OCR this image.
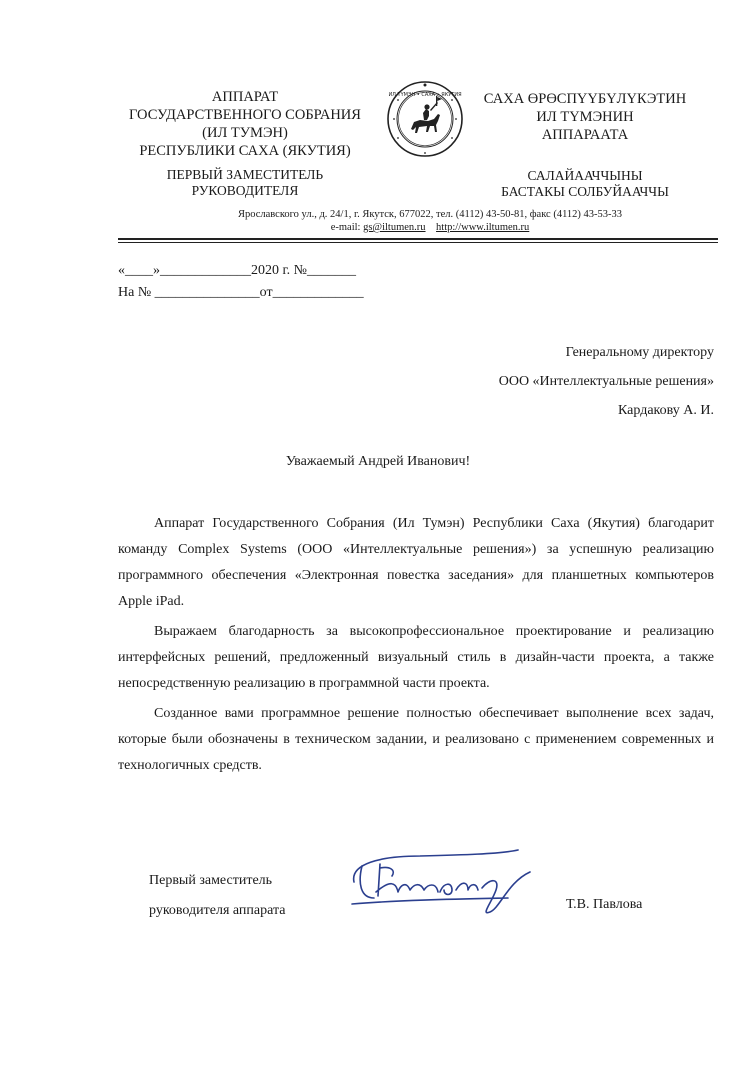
АППАРАТ
ГОСУДАРСТВЕННОГО СОБРАНИЯ
(ИЛ ТУМЭН)
РЕСПУБЛИКИ САХА (ЯКУТИЯ)
ПЕРВЫЙ ЗАМЕСТИТЕЛЬ
РУКОВОДИТЕЛЯ
ИЛ ТҮМЭН • САХА • ЯКУТИЯ	САХА ӨРӨСПҮҮБҮЛҮКЭТИН
ИЛ ТҮМЭНИН
АППАРААТА
САЛАЙААЧЧЫНЫ
БАСТАКЫ СОЛБУЙААЧЧЫ
Ярославского ул., д. 24/1, г. Якутск, 677022, тел. (4112) 43-50-81, факс (4112) 43-53-33
e-mail: gs@iltumen.ru http://www.iltumen.ru
«____»_____________2020 г. №_______
На № _______________от_____________
Генеральному директору
ООО «Интеллектуальные решения»
Кардакову А. И.
Уважаемый Андрей Иванович!

Аппарат Государственного Собрания (Ил Тумэн) Республики Саха (Якутия) благодарит команду Complex Systems (ООО «Интеллектуальные решения») за успешную реализацию программного обеспечения «Электронная повестка заседания» для планшетных компьютеров Apple iPad.

Выражаем благодарность за высокопрофессиональное проектирование и реализацию интерфейсных решений, предложенный визуальный стиль в дизайн-части проекта, а также непосредственную реализацию в программной части проекта.

Созданное вами программное решение полностью обеспечивает выполнение всех задач, которые были обозначены в техническом задании, и реализовано с применением современных и технологичных средств.

Первый заместитель
руководителя аппарата	Т.В. Павлова
